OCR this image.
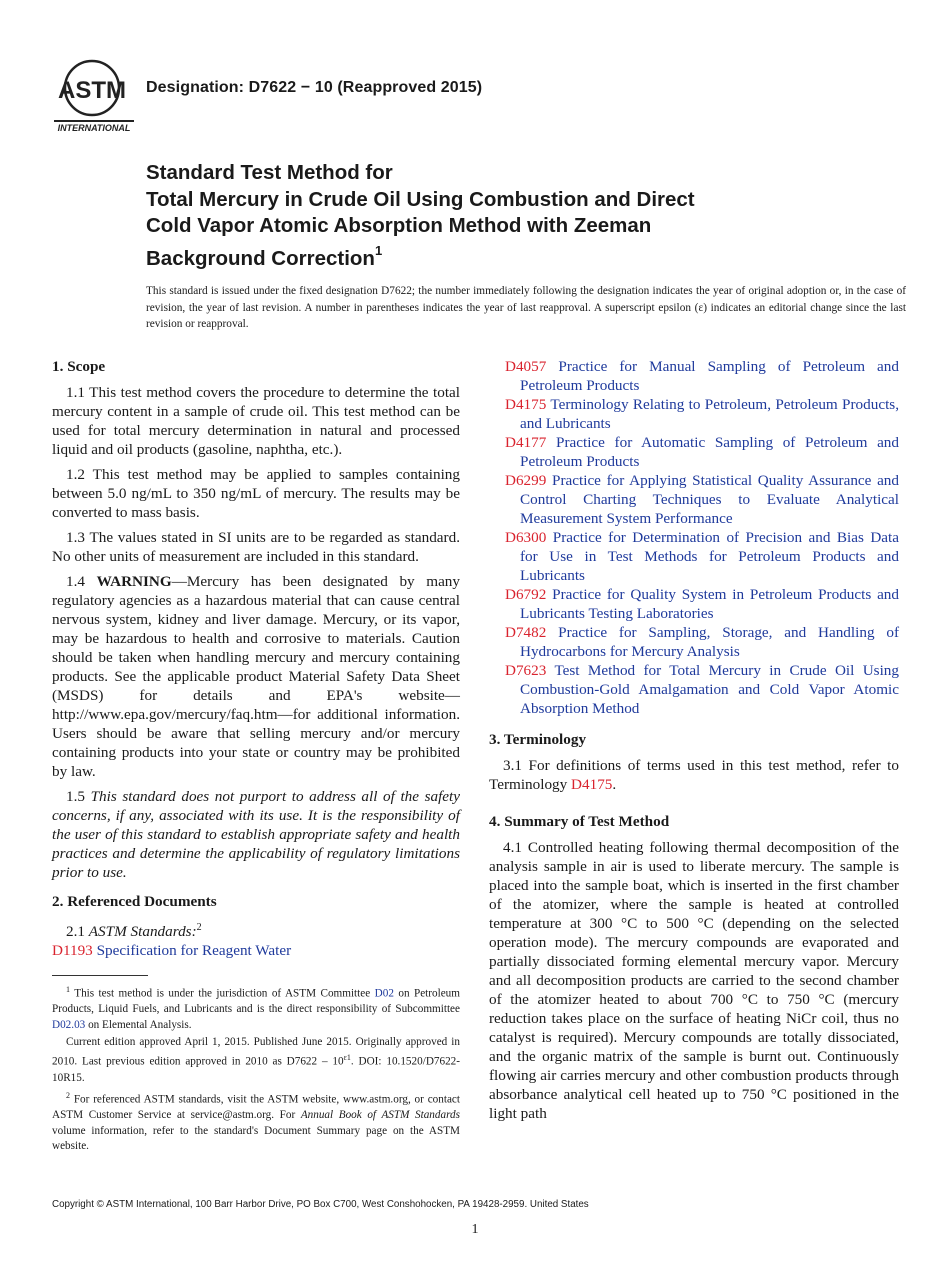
ASTM
INTERNATIONAL
Designation: D7622 − 10 (Reapproved 2015)
Standard Test Method for
Total Mercury in Crude Oil Using Combustion and Direct
Cold Vapor Atomic Absorption Method with Zeeman
Background Correction$^1$
This standard is issued under the fixed designation D7622; the number immediately following the designation indicates the year of original adoption or, in the case of revision, the year of last revision. A number in parentheses indicates the year of last reapproval. A superscript epsilon (ε) indicates an editorial change since the last revision or reapproval.
1. Scope

1.1 This test method covers the procedure to determine the total mercury content in a sample of crude oil. This test method can be used for total mercury determination in natural and processed liquid and oil products (gasoline, naphtha, etc.).

1.2 This test method may be applied to samples containing between 5.0 ng/mL to 350 ng/mL of mercury. The results may be converted to mass basis.

1.3 The values stated in SI units are to be regarded as standard. No other units of measurement are included in this standard.

1.4 WARNING—Mercury has been designated by many regulatory agencies as a hazardous material that can cause central nervous system, kidney and liver damage. Mercury, or its vapor, may be hazardous to health and corrosive to materials. Caution should be taken when handling mercury and mercury containing products. See the applicable product Material Safety Data Sheet (MSDS) for details and EPA's website—http://www.epa.gov/mercury/faq.htm—for additional information. Users should be aware that selling mercury and/or mercury containing products into your state or country may be prohibited by law.

1.5 This standard does not purport to address all of the safety concerns, if any, associated with its use. It is the responsibility of the user of this standard to establish appropriate safety and health practices and determine the applicability of regulatory limitations prior to use.

2. Referenced Documents

2.1 ASTM Standards:$^2$

D1193 Specification for Reagent Water

$^1$ This test method is under the jurisdiction of ASTM Committee D02 on Petroleum Products, Liquid Fuels, and Lubricants and is the direct responsibility of Subcommittee D02.03 on Elemental Analysis.

Current edition approved April 1, 2015. Published June 2015. Originally approved in 2010. Last previous edition approved in 2010 as $D7622 - 10^{\varepsilon 1}$. DOI: 10.1520/D7622-10R15.

$^2$ For referenced ASTM standards, visit the ASTM website, www.astm.org, or contact ASTM Customer Service at service@astm.org. For Annual Book of ASTM Standards volume information, refer to the standard's Document Summary page on the ASTM website.

D4057 Practice for Manual Sampling of Petroleum and Petroleum Products

D4175 Terminology Relating to Petroleum, Petroleum Products, and Lubricants

D4177 Practice for Automatic Sampling of Petroleum and Petroleum Products

D6299 Practice for Applying Statistical Quality Assurance and Control Charting Techniques to Evaluate Analytical Measurement System Performance

D6300 Practice for Determination of Precision and Bias Data for Use in Test Methods for Petroleum Products and Lubricants

D6792 Practice for Quality System in Petroleum Products and Lubricants Testing Laboratories

D7482 Practice for Sampling, Storage, and Handling of Hydrocarbons for Mercury Analysis

D7623 Test Method for Total Mercury in Crude Oil Using Combustion-Gold Amalgamation and Cold Vapor Atomic Absorption Method

3. Terminology

3.1 For definitions of terms used in this test method, refer to Terminology D4175.

4. Summary of Test Method

4.1 Controlled heating following thermal decomposition of the analysis sample in air is used to liberate mercury. The sample is placed into the sample boat, which is inserted in the first chamber of the atomizer, where the sample is heated at controlled temperature at 300 °C to 500 °C (depending on the selected operation mode). The mercury compounds are evaporated and partially dissociated forming elemental mercury vapor. Mercury and all decomposition products are carried to the second chamber of the atomizer heated to about 700 °C to 750 °C (mercury reduction takes place on the surface of heating NiCr coil, thus no catalyst is required). Mercury compounds are totally dissociated, and the organic matrix of the sample is burnt out. Continuously flowing air carries mercury and other combustion products through absorbance analytical cell heated up to 750 °C positioned in the light path

Copyright © ASTM International, 100 Barr Harbor Drive, PO Box C700, West Conshohocken, PA 19428-2959. United States
1
